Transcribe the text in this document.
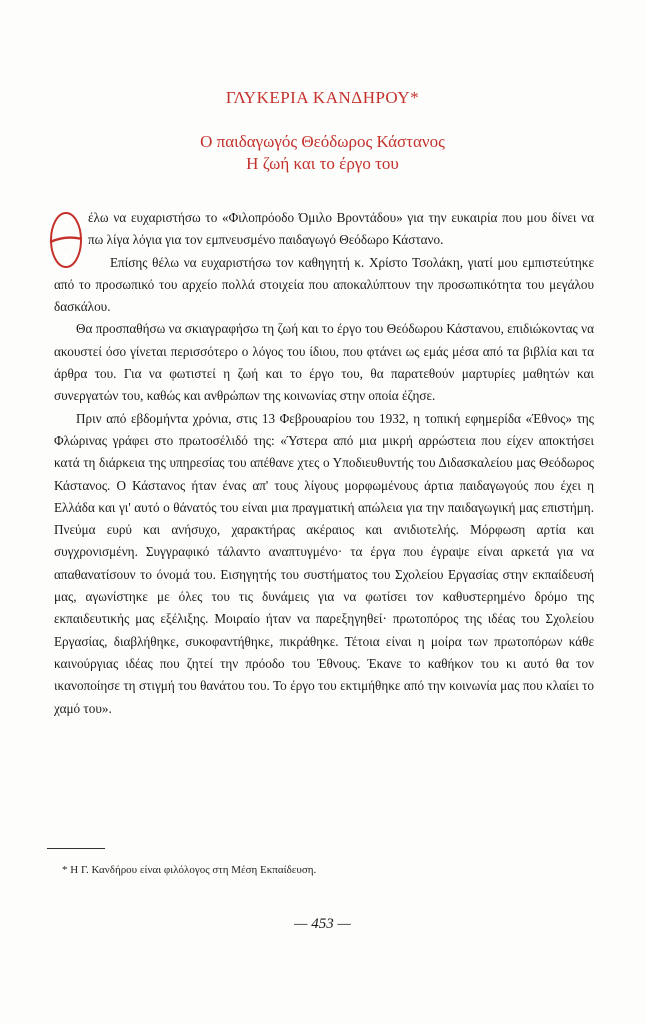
ΓΛΥΚΕΡΙΑ ΚΑΝΔΗΡΟΥ*
Ο παιδαγωγός Θεόδωρος Κάστανος
Η ζωή και το έργο του

Θ
έλω να ευχαριστήσω το «Φιλοπρόοδο Όμιλο Βροντάδου» για την ευκαιρία που μου δίνει να πω λίγα λόγια για τον εμπνευσμένο παιδαγωγό Θεόδωρο Κάστανο.

Επίσης θέλω να ευχαριστήσω τον καθηγητή κ. Χρίστο Τσολάκη, γιατί μου εμπιστεύτηκε από το προσωπικό του αρχείο πολλά στοιχεία που αποκαλύπτουν την προσωπικότητα του μεγάλου δασκάλου.

Θα προσπαθήσω να σκιαγραφήσω τη ζωή και το έργο του Θεόδωρου Κάστανου, επιδιώκοντας να ακουστεί όσο γίνεται περισσότερο ο λόγος του ίδιου, που φτάνει ως εμάς μέσα από τα βιβλία και τα άρθρα του. Για να φωτιστεί η ζωή και το έργο του, θα παρατεθούν μαρτυρίες μαθητών και συνεργατών του, καθώς και ανθρώπων της κοινωνίας στην οποία έζησε.

Πριν από εβδομήντα χρόνια, στις 13 Φεβρουαρίου του 1932, η τοπική εφημερίδα «Έθνος» της Φλώρινας γράφει στο πρωτοσέλιδό της: «Ύστερα από μια μικρή αρρώστεια που είχεν αποκτήσει κατά τη διάρκεια της υπηρεσίας του απέθανε χτες ο Υποδιευθυντής του Διδασκαλείου μας Θεόδωρος Κάστανος. Ο Κάστανος ήταν ένας απ' τους λίγους μορφωμένους άρτια παιδαγωγούς που έχει η Ελλάδα και γι' αυτό ο θάνατός του είναι μια πραγματική απώλεια για την παιδαγωγική μας επιστήμη. Πνεύμα ευρύ και ανήσυχο, χαρακτήρας ακέραιος και ανιδιοτελής. Μόρφωση αρτία και συγχρονισμένη. Συγγραφικό τάλαντο αναπτυγμένο· τα έργα που έγραψε είναι αρκετά για να απαθανατίσουν το όνομά του. Εισηγητής του συστήματος του Σχολείου Εργασίας στην εκπαίδευσή μας, αγωνίστηκε με όλες του τις δυνάμεις για να φωτίσει τον καθυστερημένο δρόμο της εκπαιδευτικής μας εξέλιξης. Μοιραίο ήταν να παρεξηγηθεί· πρωτοπόρος της ιδέας του Σχολείου Εργασίας, διαβλήθηκε, συκοφαντήθηκε, πικράθηκε. Τέτοια είναι η μοίρα των πρωτοπόρων κάθε καινούργιας ιδέας που ζητεί την πρόοδο του Έθνους. Έκανε το καθήκον του κι αυτό θα τον ικανοποίησε τη στιγμή του θανάτου του. Το έργο του εκτιμήθηκε από την κοινωνία μας που κλαίει το χαμό του».

* Η Γ. Κανδήρου είναι φιλόλογος στη Μέση Εκπαίδευση.
— 453 —
